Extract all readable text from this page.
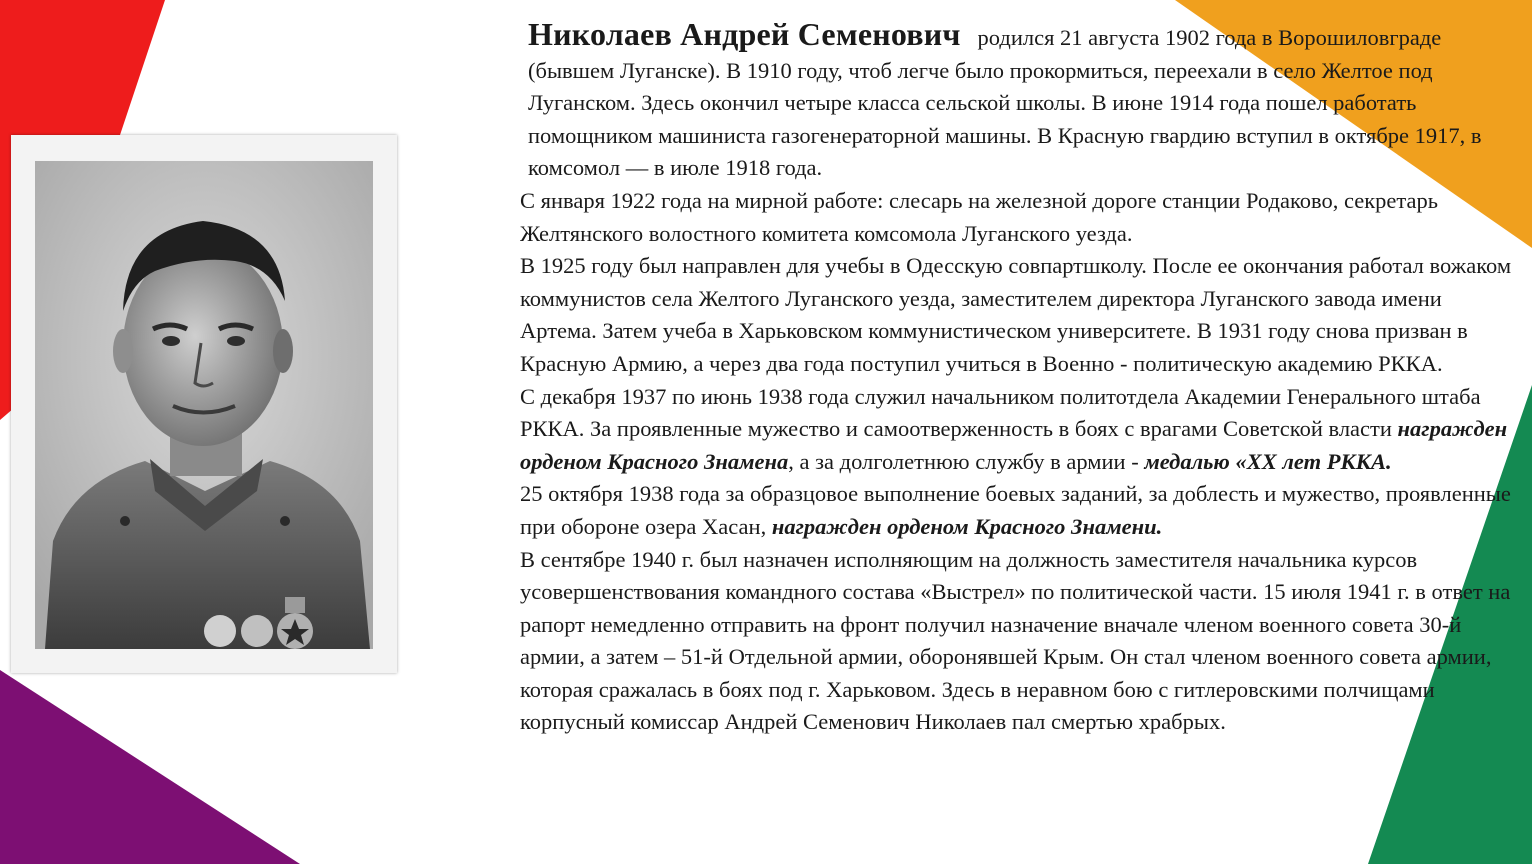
Николаев Андрей Семенович родился 21 августа 1902 года в Ворошиловграде (бывшем Луганске). В 1910 году, чтоб легче было прокормиться, переехали в село Желтое под Луганском. Здесь окончил четыре класса сельской школы. В июне 1914 года пошел работать помощником машиниста газогенераторной машины. В Красную гвардию вступил в октябре 1917, в комсомол — в июле 1918 года.

С января 1922 года на мирной работе: слесарь на железной дороге станции Родаково, секретарь Желтянского волостного комитета комсомола Луганского уезда.

В 1925 году был направлен для учебы в Одесскую совпартшколу. После ее окончания работал вожаком коммунистов села Желтого Луганского уезда, заместителем директора Луганского завода имени Артема. Затем учеба в Харьковском коммунистическом университете. В 1931 году снова призван в Красную Армию, а через два года поступил учиться в Военно - политическую академию РККА.

С декабря 1937 по июнь 1938 года служил начальником политотдела Академии Генерального штаба РККА. За проявленные мужество и самоотверженность в боях с врагами Советской власти награжден орденом Красного Знамена, а за долголетнюю службу в армии - медалью «XX лет РККА.

25 октября 1938 года за образцовое выполнение боевых заданий, за доблесть и мужество, проявленные при обороне озера Хасан, награжден орденом Красного Знамени.

В сентябре 1940 г. был назначен исполняющим на должность заместителя начальника курсов усовершенствования командного состава «Выстрел» по политической части. 15 июля 1941 г. в ответ на рапорт немедленно отправить на фронт получил назначение вначале членом военного совета 30-й армии, а затем – 51-й Отдельной армии, оборонявшей Крым. Он стал членом военного совета армии, которая сражалась в боях под г. Харьковом. Здесь в неравном бою с гитлеровскими полчищами корпусный комиссар Андрей Семенович Николаев пал смертью храбрых.
